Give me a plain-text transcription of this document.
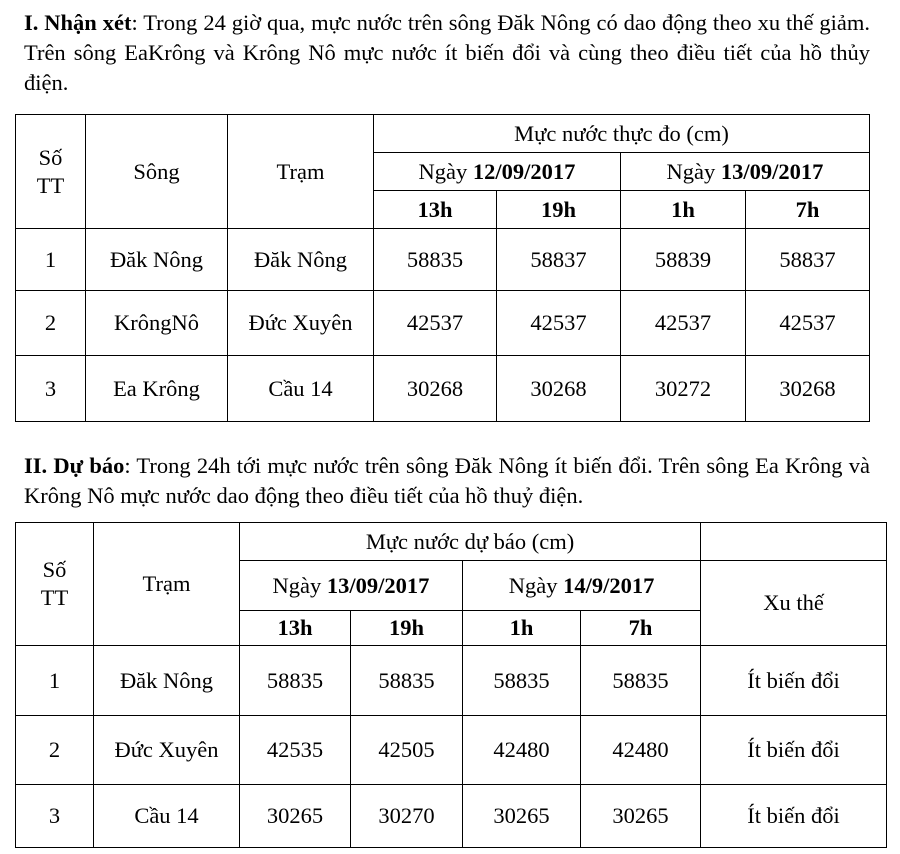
I. Nhận xét: Trong 24 giờ qua, mực nước trên sông Đăk Nông có dao động theo xu thế giảm. Trên sông EaKrông và Krông Nô mực nước ít biến đổi và cùng theo điều tiết của hồ thủy điện.

Số TT	Sông	Trạm	Mực nước thực đo (cm)			
			Ngày 12/09/2017		Ngày 13/09/2017	
			13h	19h	1h	7h
1	Đăk Nông	Đăk Nông	58835	58837	58839	58837
2	KrôngNô	Đức Xuyên	42537	42537	42537	42537
3	Ea Krông	Cầu 14	30268	30268	30272	30268

II. Dự báo: Trong 24h tới mực nước trên sông Đăk Nông ít biến đổi. Trên sông Ea Krông và Krông Nô mực nước dao động theo điều tiết của hồ thuỷ điện.

Số TT	Trạm	Mực nước dự báo (cm)				
		Ngày 13/09/2017		Ngày 14/9/2017		Xu thế
		13h	19h	1h	7h	
1	Đăk Nông	58835	58835	58835	58835	Ít biến đổi
2	Đức Xuyên	42535	42505	42480	42480	Ít biến đổi
3	Cầu 14	30265	30270	30265	30265	Ít biến đổi
